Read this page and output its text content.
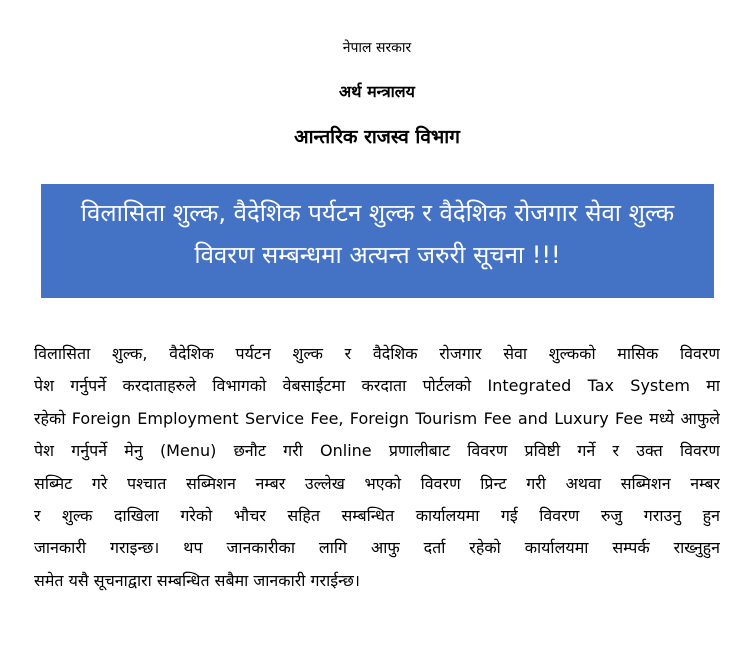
नेपाल सरकार
अर्थ मन्त्रालय
आन्तरिक राजस्व विभाग
विलासिता शुल्क, वैदेशिक पर्यटन शुल्क र वैदेशिक रोजगार सेवा शुल्क
विवरण सम्बन्धमा अत्यन्त जरुरी सूचना !!!
विलासिता शुल्क, वैदेशिक पर्यटन शुल्क र वैदेशिक रोजगार सेवा शुल्कको मासिक विवरण
पेश गर्नुपर्ने करदाताहरुले विभागको वेबसाईटमा करदाता पोर्टलको Integrated Tax System मा
रहेको Foreign Employment Service Fee, Foreign Tourism Fee and Luxury Fee मध्ये आफुले
पेश गर्नुपर्ने मेनु (Menu) छनौट गरी Online प्रणालीबाट विवरण प्रविष्टी गर्ने र उक्त विवरण
सब्मिट गरे पश्चात सब्मिशन नम्बर उल्लेख भएको विवरण प्रिन्ट गरी अथवा सब्मिशन नम्बर
र शुल्क दाखिला गरेको भौचर सहित सम्बन्धित कार्यालयमा गई विवरण रुजु गराउनु हुन
जानकारी गराइन्छ। थप जानकारीका लागि आफु दर्ता रहेको कार्यालयमा सम्पर्क राख्नुहुन
समेत यसै सूचनाद्वारा सम्बन्धित सबैमा जानकारी गराईन्छ।
